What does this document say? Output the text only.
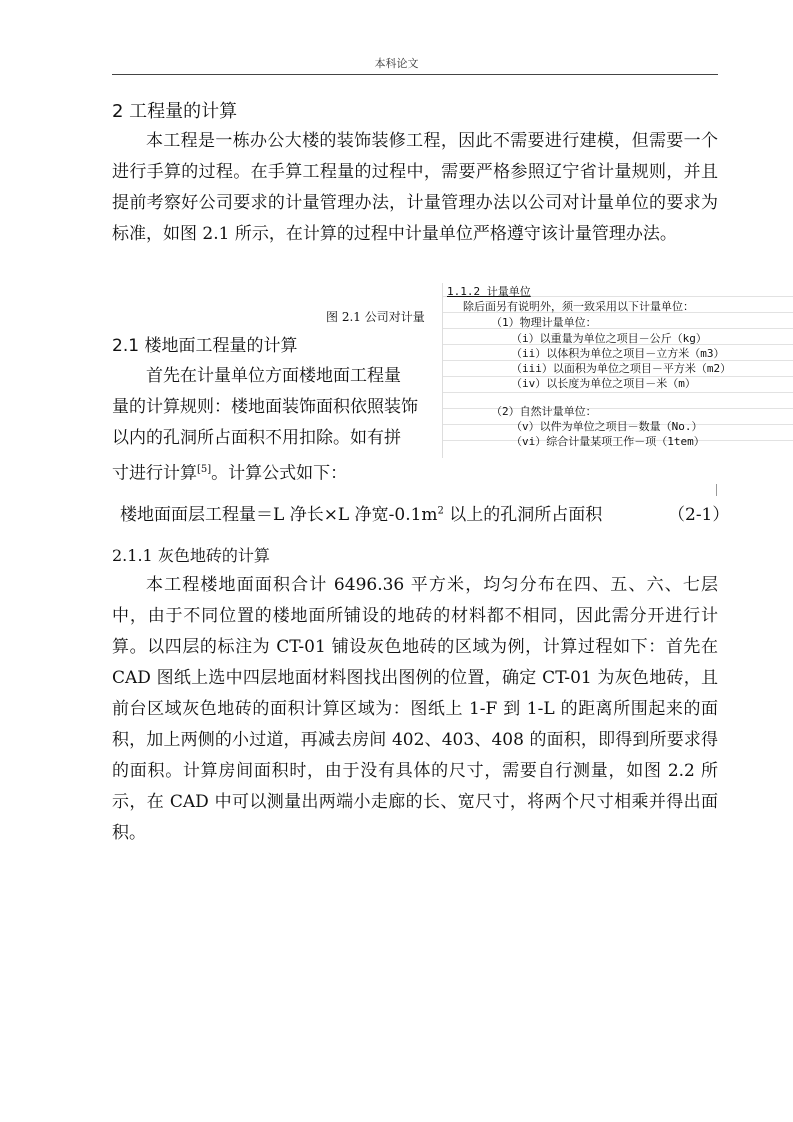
本科论文
2 工程量的计算

本工程是一栋办公大楼的装饰装修工程，因此不需要进行建模，但需要一个进行手算的过程。在手算工程量的过程中，需要严格参照辽宁省计量规则，并且提前考察好公司要求的计量管理办法，计量管理办法以公司对计量单位的要求为标准，如图 2.1 所示，在计算的过程中计量单位严格遵守该计量管理办法。

图 2.1 公司对计量
2.1 楼地面工程量的计算

首先在计量单位方面楼地面工程量
量的计算规则：楼地面装饰面积依照装饰
以内的孔洞所占面积不用扣除。如有拼
寸进行计算[5]。计算公式如下：

1.1.2 计量单位
除后面另有说明外，须一致采用以下计量单位：
（1）物理计量单位：
（i）以重量为单位之项目－公斤（kg）
（ii）以体积为单位之项目－立方米（m3）
（iii）以面积为单位之项目－平方米（m2）
（iv）以长度为单位之项目－米（m）
（2）自然计量单位：
（v）以件为单位之项目－数量（No.）
（vi）综合计量某项工作－项（1tem）
楼地面面层工程量＝L 净长×L 净宽$-0.1m^2$ 以上的孔洞所占面积	（2-1）
2.1.1 灰色地砖的计算

本工程楼地面面积合计 6496.36 平方米，均匀分布在四、五、六、七层中，由于不同位置的楼地面所铺设的地砖的材料都不相同，因此需分开进行计算。以四层的标注为 CT-01 铺设灰色地砖的区域为例，计算过程如下：首先在 CAD 图纸上选中四层地面材料图找出图例的位置，确定 CT-01 为灰色地砖，且前台区域灰色地砖的面积计算区域为：图纸上 1-F 到 1-L 的距离所围起来的面积，加上两侧的小过道，再减去房间 402、403、408 的面积，即得到所要求得的面积。计算房间面积时，由于没有具体的尺寸，需要自行测量，如图 2.2 所示，在 CAD 中可以测量出两端小走廊的长、宽尺寸，将两个尺寸相乘并得出面积。
